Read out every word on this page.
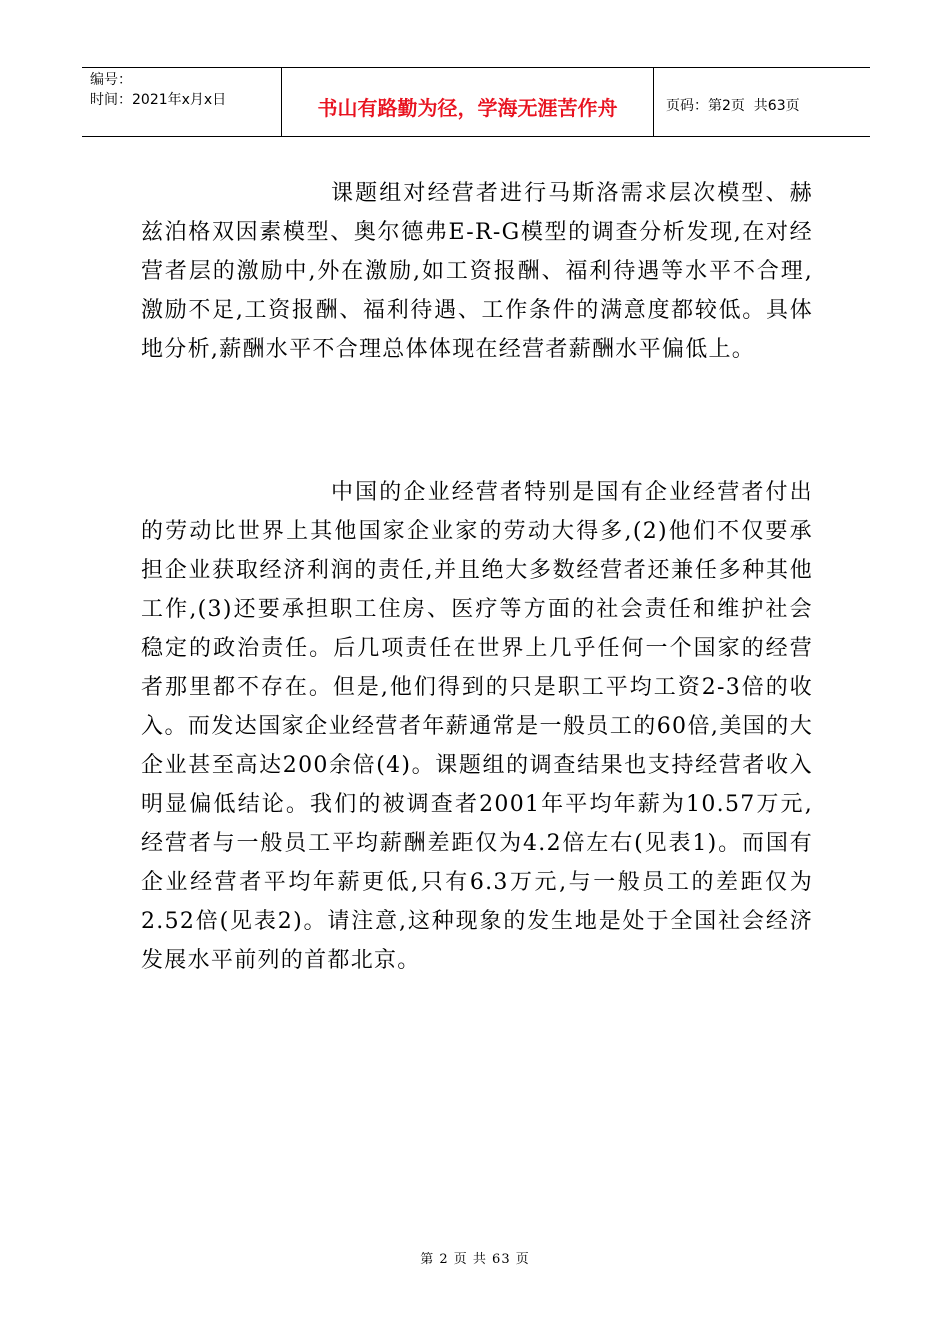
编号：
时间：2021年x月x日	书山有路勤为径，学海无涯苦作舟	页码：第2页  共63页

课题组对经营者进行马斯洛需求层次模型、赫兹泊格双因素模型、奥尔德弗E-R-G模型的调查分析发现,在对经营者层的激励中,外在激励,如工资报酬、福利待遇等水平不合理,激励不足,工资报酬、福利待遇、工作条件的满意度都较低。具体地分析,薪酬水平不合理总体体现在经营者薪酬水平偏低上。

中国的企业经营者特别是国有企业经营者付出的劳动比世界上其他国家企业家的劳动大得多,(2)他们不仅要承担企业获取经济利润的责任,并且绝大多数经营者还兼任多种其他工作,(3)还要承担职工住房、医疗等方面的社会责任和维护社会稳定的政治责任。后几项责任在世界上几乎任何一个国家的经营者那里都不存在。但是,他们得到的只是职工平均工资2-3倍的收入。而发达国家企业经营者年薪通常是一般员工的60倍,美国的大企业甚至高达200余倍(4)。课题组的调查结果也支持经营者收入明显偏低结论。我们的被调查者2001年平均年薪为10.57万元,经营者与一般员工平均薪酬差距仅为4.2倍左右(见表1)。而国有企业经营者平均年薪更低,只有6.3万元,与一般员工的差距仅为2.52倍(见表2)。请注意,这种现象的发生地是处于全国社会经济发展水平前列的首都北京。

第 2 页 共 63 页
